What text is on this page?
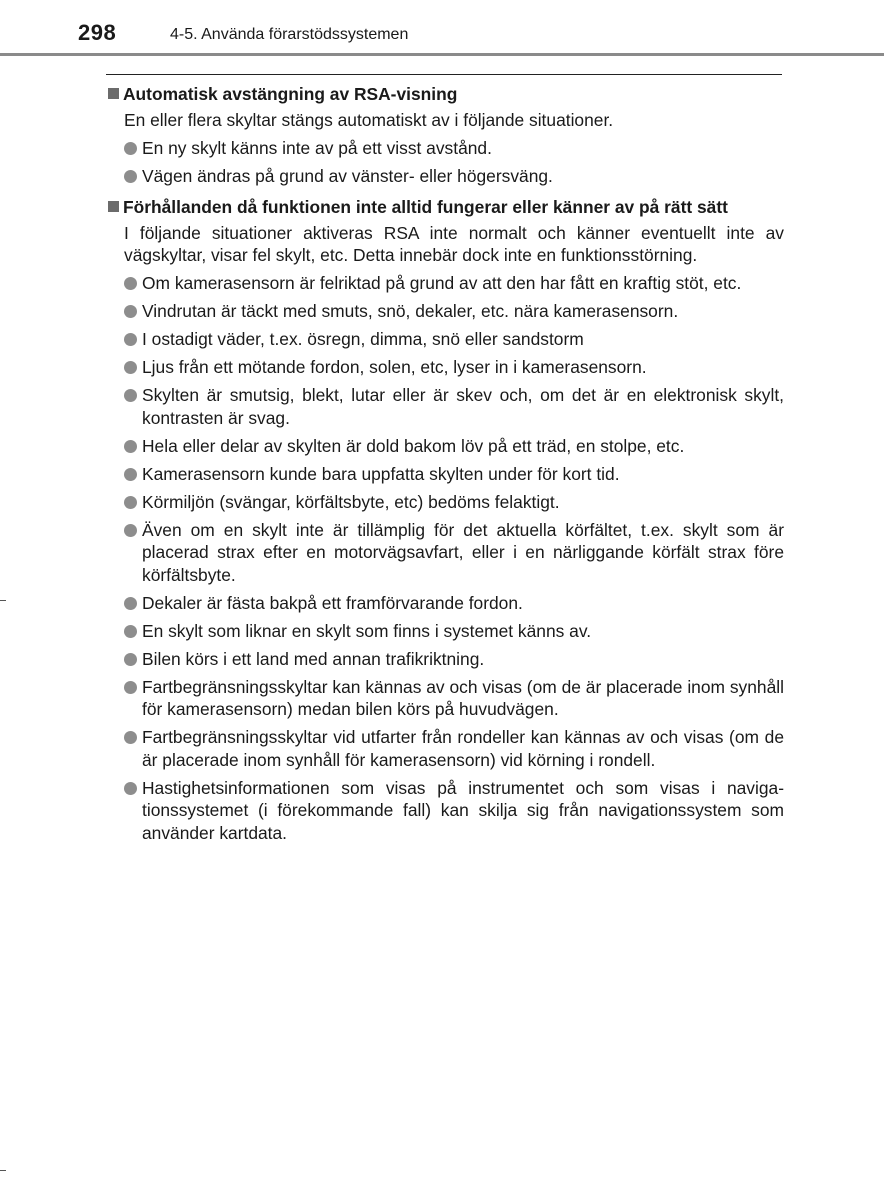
298	4-5. Använda förarstödssystemen
Automatisk avstängning av RSA-visning
En eller flera skyltar stängs automatiskt av i följande situationer.
En ny skylt känns inte av på ett visst avstånd.
Vägen ändras på grund av vänster- eller högersväng.
Förhållanden då funktionen inte alltid fungerar eller känner av på rätt sätt
I följande situationer aktiveras RSA inte normalt och känner eventuellt inte av vägskyltar, visar fel skylt, etc. Detta innebär dock inte en funktionsstörning.
Om kamerasensorn är felriktad på grund av att den har fått en kraftig stöt, etc.
Vindrutan är täckt med smuts, snö, dekaler, etc. nära kamerasensorn.
I ostadigt väder, t.ex. ösregn, dimma, snö eller sandstorm
Ljus från ett mötande fordon, solen, etc, lyser in i kamerasensorn.
Skylten är smutsig, blekt, lutar eller är skev och, om det är en elektronisk skylt, kontrasten är svag.
Hela eller delar av skylten är dold bakom löv på ett träd, en stolpe, etc.
Kamerasensorn kunde bara uppfatta skylten under för kort tid.
Körmiljön (svängar, körfältsbyte, etc) bedöms felaktigt.
Även om en skylt inte är tillämplig för det aktuella körfältet, t.ex. skylt som är placerad strax efter en motorvägsavfart, eller i en närliggande körfält strax före körfältsbyte.
Dekaler är fästa bakpå ett framförvarande fordon.
En skylt som liknar en skylt som finns i systemet känns av.
Bilen körs i ett land med annan trafikriktning.
Fartbegränsningsskyltar kan kännas av och visas (om de är placerade inom synhåll för kamerasensorn) medan bilen körs på huvudvägen.
Fartbegränsningsskyltar vid utfarter från rondeller kan kännas av och visas (om de är placerade inom synhåll för kamerasensorn) vid körning i rondell.
Hastighetsinformationen som visas på instrumentet och som visas i naviga-tionssystemet (i förekommande fall) kan skilja sig från navigationssystem som använder kartdata.
